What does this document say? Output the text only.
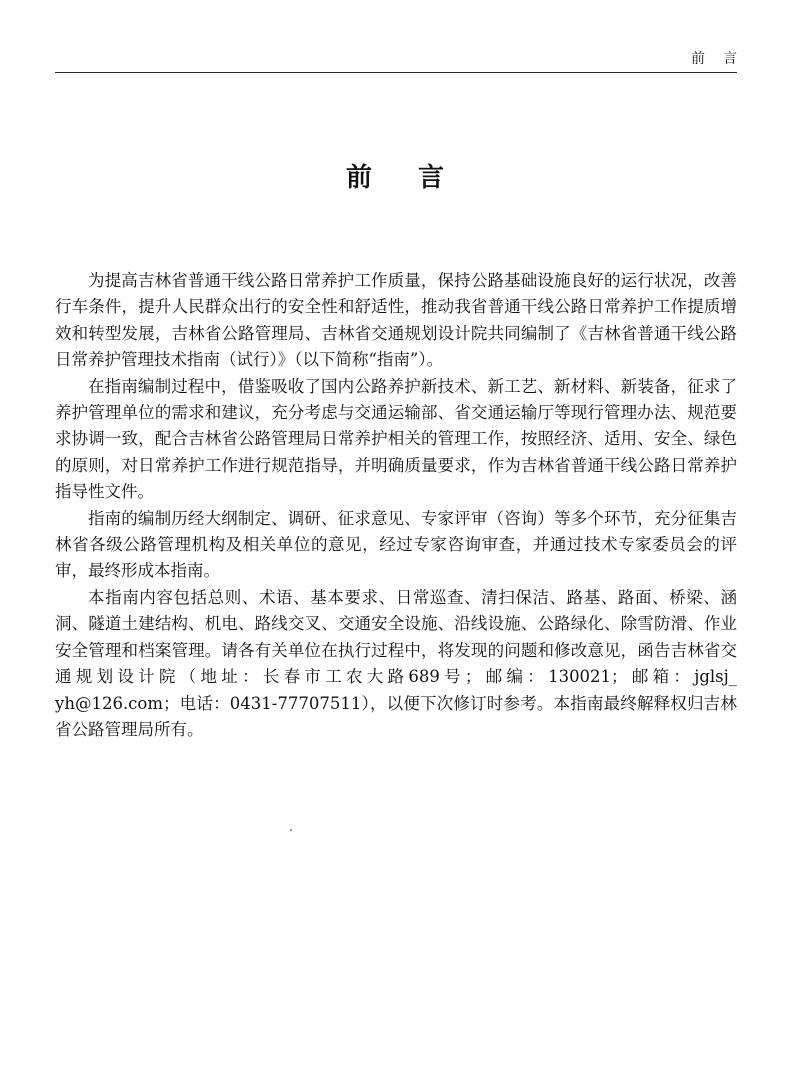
前言
前言

为提高吉林省普通干线公路日常养护工作质量，保持公路基础设施良好的运行状况，改善行车条件，提升人民群众出行的安全性和舒适性，推动我省普通干线公路日常养护工作提质增效和转型发展，吉林省公路管理局、吉林省交通规划设计院共同编制了《吉林省普通干线公路日常养护管理技术指南（试行）》（以下简称“指南”）。

在指南编制过程中，借鉴吸收了国内公路养护新技术、新工艺、新材料、新装备，征求了养护管理单位的需求和建议，充分考虑与交通运输部、省交通运输厅等现行管理办法、规范要求协调一致，配合吉林省公路管理局日常养护相关的管理工作，按照经济、适用、安全、绿色的原则，对日常养护工作进行规范指导，并明确质量要求，作为吉林省普通干线公路日常养护指导性文件。

指南的编制历经大纲制定、调研、征求意见、专家评审（咨询）等多个环节，充分征集吉林省各级公路管理机构及相关单位的意见，经过专家咨询审查，并通过技术专家委员会的评审，最终形成本指南。

本指南内容包括总则、术语、基本要求、日常巡查、清扫保洁、路基、路面、桥梁、涵洞、隧道土建结构、机电、路线交叉、交通安全设施、沿线设施、公路绿化、除雪防滑、作业安全管理和档案管理。请各有关单位在执行过程中，将发现的问题和修改意见，函告吉林省交通规划设计院（地址：长春市工农大路689号；邮编：130021；邮箱：jglsj_ yh@126.com；电话：0431-77707511），以便下次修订时参考。本指南最终解释权归吉林省公路管理局所有。
